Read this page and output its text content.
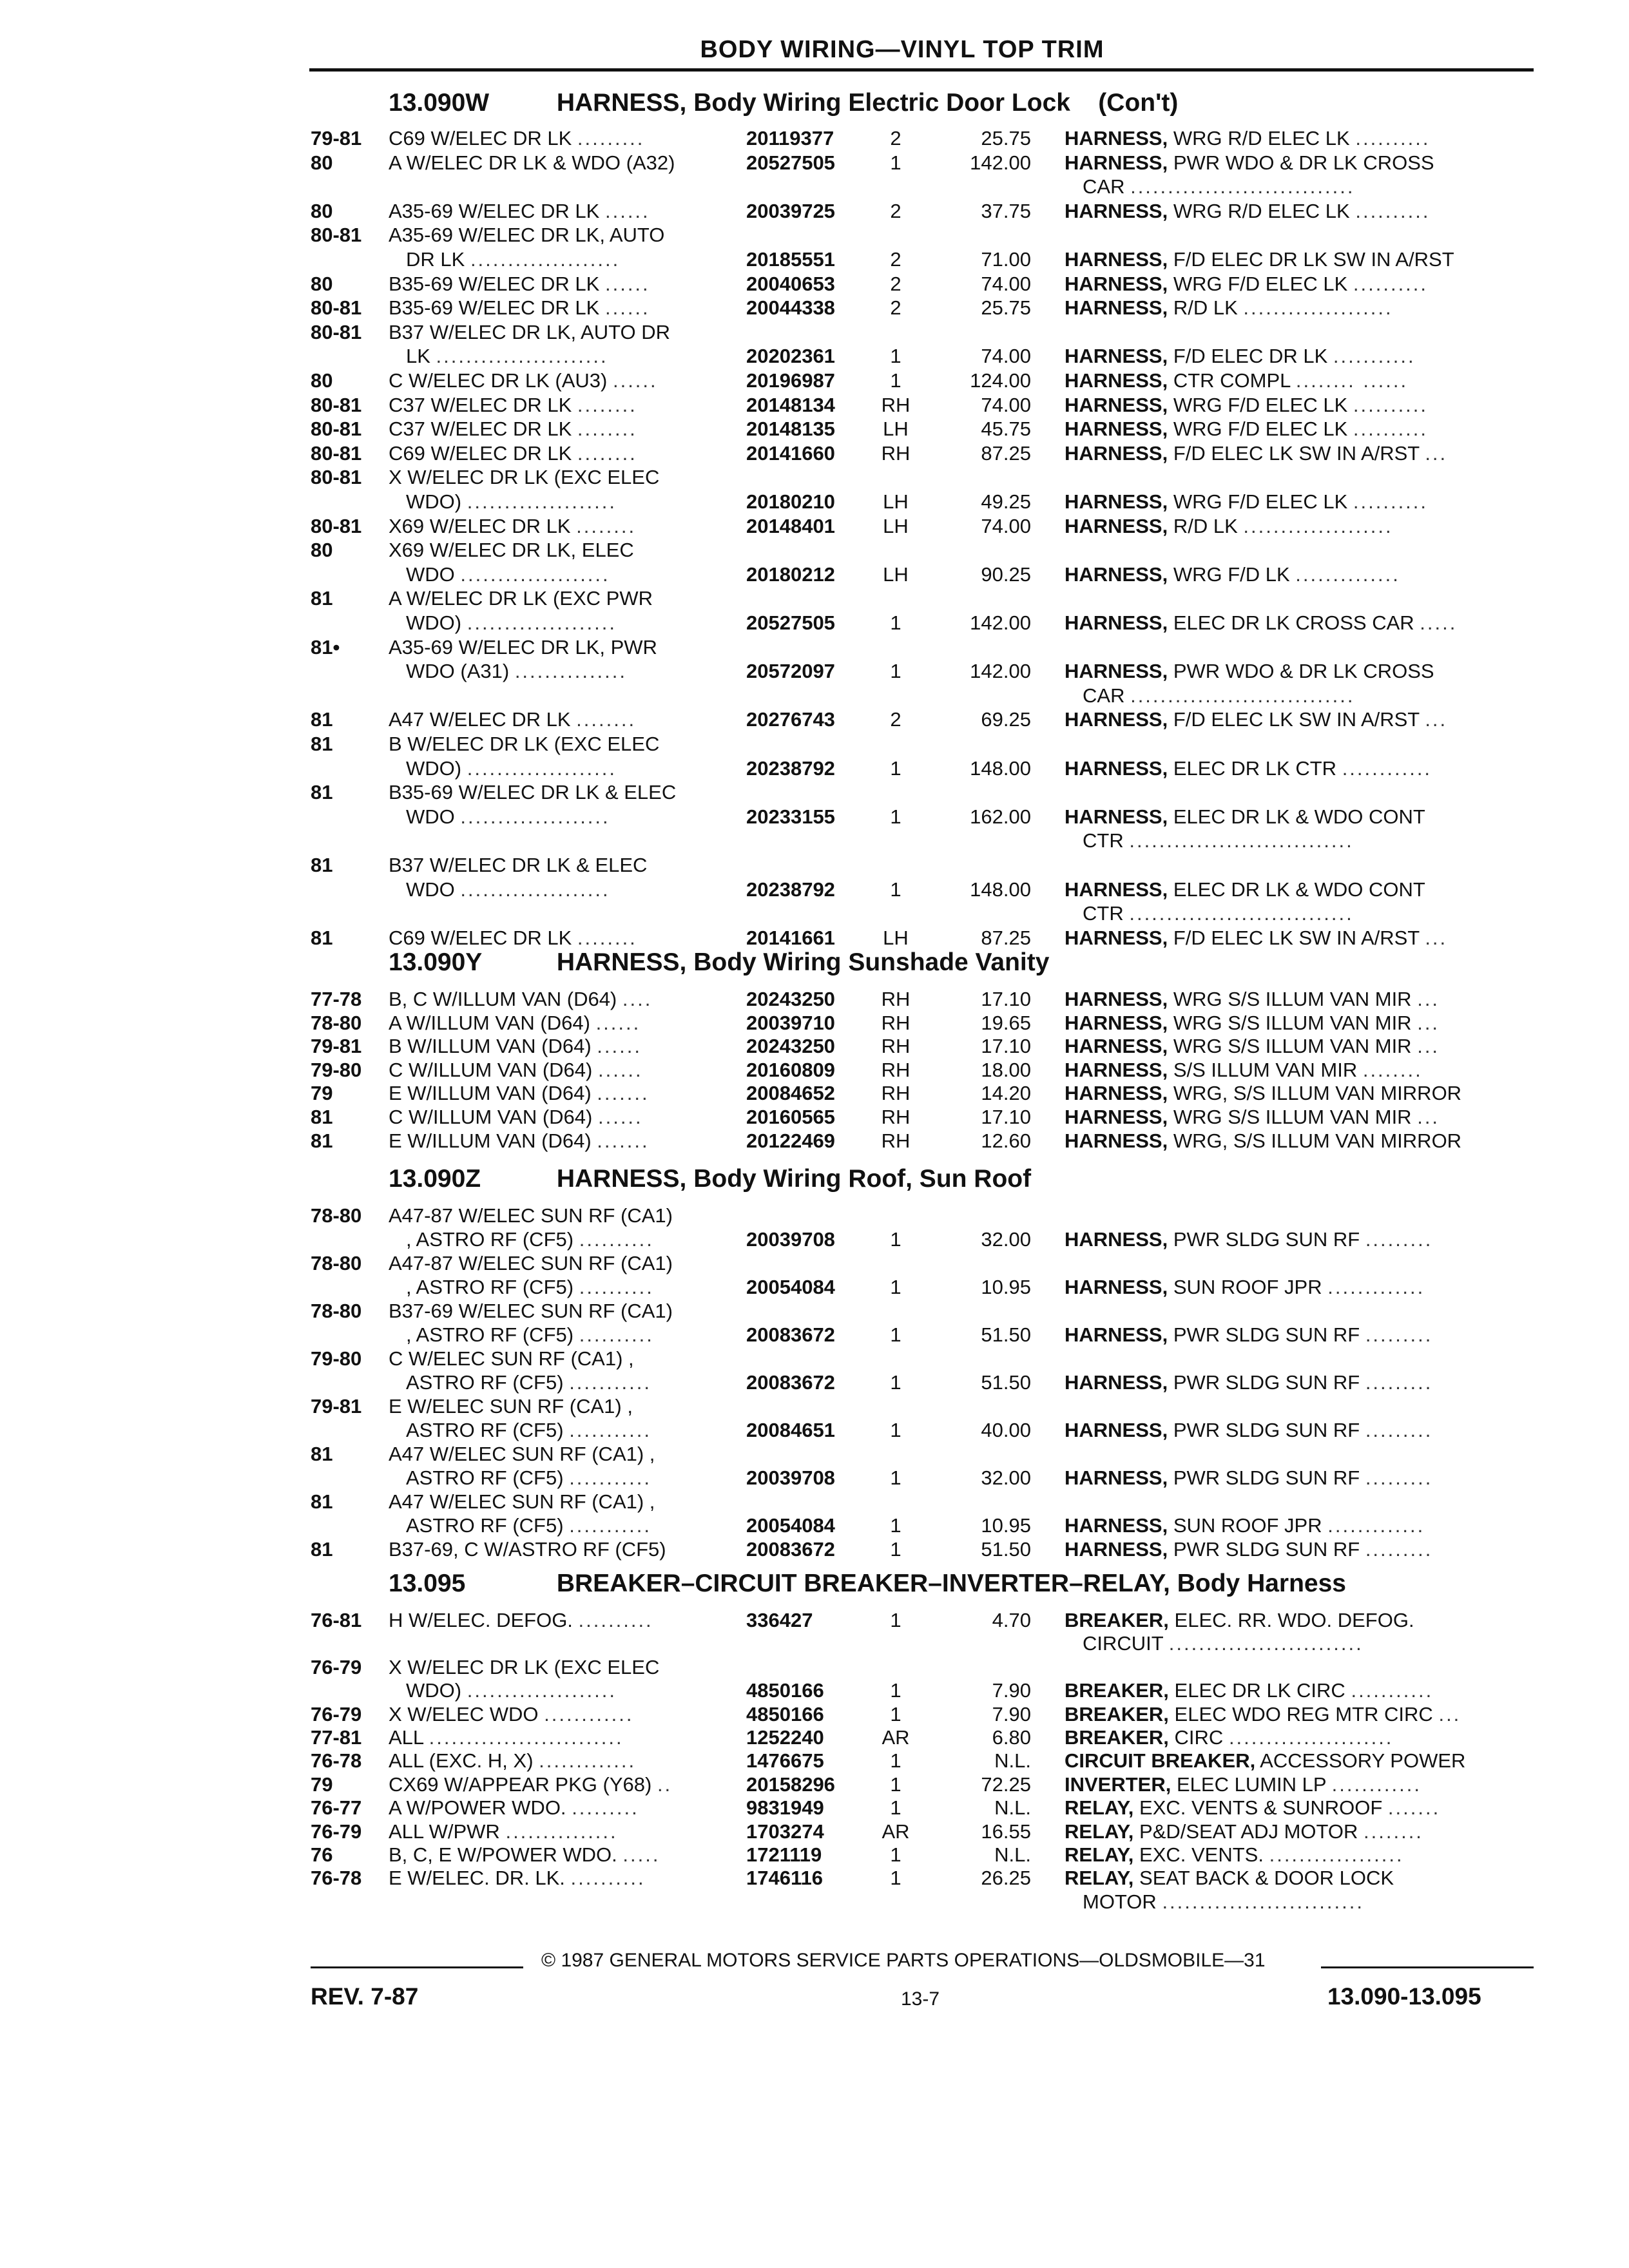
BODY WIRING—VINYL TOP TRIM
13.090W	HARNESS, Body Wiring Electric Door Lock (Con't)
13.090Y	HARNESS, Body Wiring Sunshade Vanity
13.090Z	HARNESS, Body Wiring Roof, Sun Roof
13.095	BREAKER–CIRCUIT BREAKER–INVERTER–RELAY, Body Harness
79-81 C69 W/ELEC DR LK .........	20119377	2	25.75 HARNESS, WRG R/D ELEC LK ..........
80	A W/ELEC DR LK & WDO (A32)	20527505	1	142.00 HARNESS, PWR WDO & DR LK CROSS
CAR ..............................
80	A35-69 W/ELEC DR LK ......	20039725	2	37.75 HARNESS, WRG R/D ELEC LK ..........
80-81 A35-69 W/ELEC DR LK, AUTO
DR LK ....................	20185551	2	71.00 HARNESS, F/D ELEC DR LK SW IN A/RST
80	B35-69 W/ELEC DR LK ......	20040653	2	74.00 HARNESS, WRG F/D ELEC LK ..........
80-81 B35-69 W/ELEC DR LK ......	20044338	2	25.75 HARNESS, R/D LK ....................
80-81 B37 W/ELEC DR LK, AUTO DR
LK .......................	20202361	1	74.00 HARNESS, F/D ELEC DR LK ...........
80	C W/ELEC DR LK (AU3) ......	20196987	1	124.00 HARNESS, CTR COMPL ........ ......
80-81 C37 W/ELEC DR LK ........	20148134 RH	74.00 HARNESS, WRG F/D ELEC LK ..........
80-81 C37 W/ELEC DR LK ........	20148135	LH	45.75 HARNESS, WRG F/D ELEC LK ..........
80-81 C69 W/ELEC DR LK ........	20141660 RH	87.25 HARNESS, F/D ELEC LK SW IN A/RST ...
80-81 X W/ELEC DR LK (EXC ELEC
WDO) ....................	20180210	LH	49.25 HARNESS, WRG F/D ELEC LK ..........
80-81 X69 W/ELEC DR LK ........	20148401	LH	74.00 HARNESS, R/D LK ....................
80	X69 W/ELEC DR LK, ELEC
WDO ....................	20180212	LH	90.25 HARNESS, WRG F/D LK ..............
81	A W/ELEC DR LK (EXC PWR
WDO) ....................	20527505	1	142.00 HARNESS, ELEC DR LK CROSS CAR .....
81• A35-69 W/ELEC DR LK, PWR
WDO (A31) ...............	20572097	1	142.00 HARNESS, PWR WDO & DR LK CROSS
CAR ..............................
81	A47 W/ELEC DR LK ........	20276743	2	69.25 HARNESS, F/D ELEC LK SW IN A/RST ...
81	B W/ELEC DR LK (EXC ELEC
WDO) ....................	20238792	1	148.00 HARNESS, ELEC DR LK CTR ............
81	B35-69 W/ELEC DR LK & ELEC
WDO ....................	20233155	1	162.00 HARNESS, ELEC DR LK & WDO CONT
CTR ..............................
81	B37 W/ELEC DR LK & ELEC
WDO ....................	20238792	1	148.00 HARNESS, ELEC DR LK & WDO CONT
CTR ..............................
81	C69 W/ELEC DR LK ........	20141661	LH	87.25 HARNESS, F/D ELEC LK SW IN A/RST ...
77-78 B, C W/ILLUM VAN (D64) ....	20243250 RH	17.10 HARNESS, WRG S/S ILLUM VAN MIR ...
78-80 A W/ILLUM VAN (D64) ......	20039710 RH	19.65 HARNESS, WRG S/S ILLUM VAN MIR ...
79-81 B W/ILLUM VAN (D64) ......	20243250 RH	17.10 HARNESS, WRG S/S ILLUM VAN MIR ...
79-80 C W/ILLUM VAN (D64) ......	20160809 RH	18.00 HARNESS, S/S ILLUM VAN MIR ........
79	E W/ILLUM VAN (D64) .......	20084652 RH	14.20 HARNESS, WRG, S/S ILLUM VAN MIRROR
81	C W/ILLUM VAN (D64) ......	20160565 RH	17.10 HARNESS, WRG S/S ILLUM VAN MIR ...
81	E W/ILLUM VAN (D64) .......	20122469 RH	12.60 HARNESS, WRG, S/S ILLUM VAN MIRROR
78-80 A47-87 W/ELEC SUN RF (CA1)
, ASTRO RF (CF5) ..........	20039708	1	32.00 HARNESS, PWR SLDG SUN RF .........
78-80 A47-87 W/ELEC SUN RF (CA1)
, ASTRO RF (CF5) ..........	20054084	1	10.95 HARNESS, SUN ROOF JPR .............
78-80 B37-69 W/ELEC SUN RF (CA1)
, ASTRO RF (CF5) ..........	20083672	1	51.50 HARNESS, PWR SLDG SUN RF .........
79-80 C W/ELEC SUN RF (CA1) ,
ASTRO RF (CF5) ...........	20083672	1	51.50 HARNESS, PWR SLDG SUN RF .........
79-81 E W/ELEC SUN RF (CA1) ,
ASTRO RF (CF5) ...........	20084651	1	40.00 HARNESS, PWR SLDG SUN RF .........
81	A47 W/ELEC SUN RF (CA1) ,
ASTRO RF (CF5) ...........	20039708	1	32.00 HARNESS, PWR SLDG SUN RF .........
81	A47 W/ELEC SUN RF (CA1) ,
ASTRO RF (CF5) ...........	20054084	1	10.95 HARNESS, SUN ROOF JPR .............
81	B37-69, C W/ASTRO RF (CF5)	20083672	1	51.50 HARNESS, PWR SLDG SUN RF .........
76-81 H W/ELEC. DEFOG. ..........	336427	1	4.70 BREAKER, ELEC. RR. WDO. DEFOG.
CIRCUIT ..........................
76-79 X W/ELEC DR LK (EXC ELEC
WDO) ....................	4850166	1	7.90 BREAKER, ELEC DR LK CIRC ...........
76-79 X W/ELEC WDO ............	4850166	1	7.90 BREAKER, ELEC WDO REG MTR CIRC ...
77-81 ALL ..........................	1252240	AR	6.80 BREAKER, CIRC ......................
76-78 ALL (EXC. H, X) .............	1476675	1	N.L. CIRCUIT BREAKER, ACCESSORY POWER
79	CX69 W/APPEAR PKG (Y68) ..	20158296	1	72.25 INVERTER, ELEC LUMIN LP ............
76-77 A W/POWER WDO. .........	9831949	1	N.L. RELAY, EXC. VENTS & SUNROOF .......
76-79 ALL W/PWR ...............	1703274	AR	16.55 RELAY, P&D/SEAT ADJ MOTOR ........
76	B, C, E W/POWER WDO. .....	1721119	1	N.L. RELAY, EXC. VENTS. ..................
76-78 E W/ELEC. DR. LK. ..........	1746116	1	26.25 RELAY, SEAT BACK & DOOR LOCK
MOTOR ...........................
© 1987 GENERAL MOTORS SERVICE PARTS OPERATIONS—OLDSMOBILE—31
REV. 7-87	13-7	13.090-13.095
